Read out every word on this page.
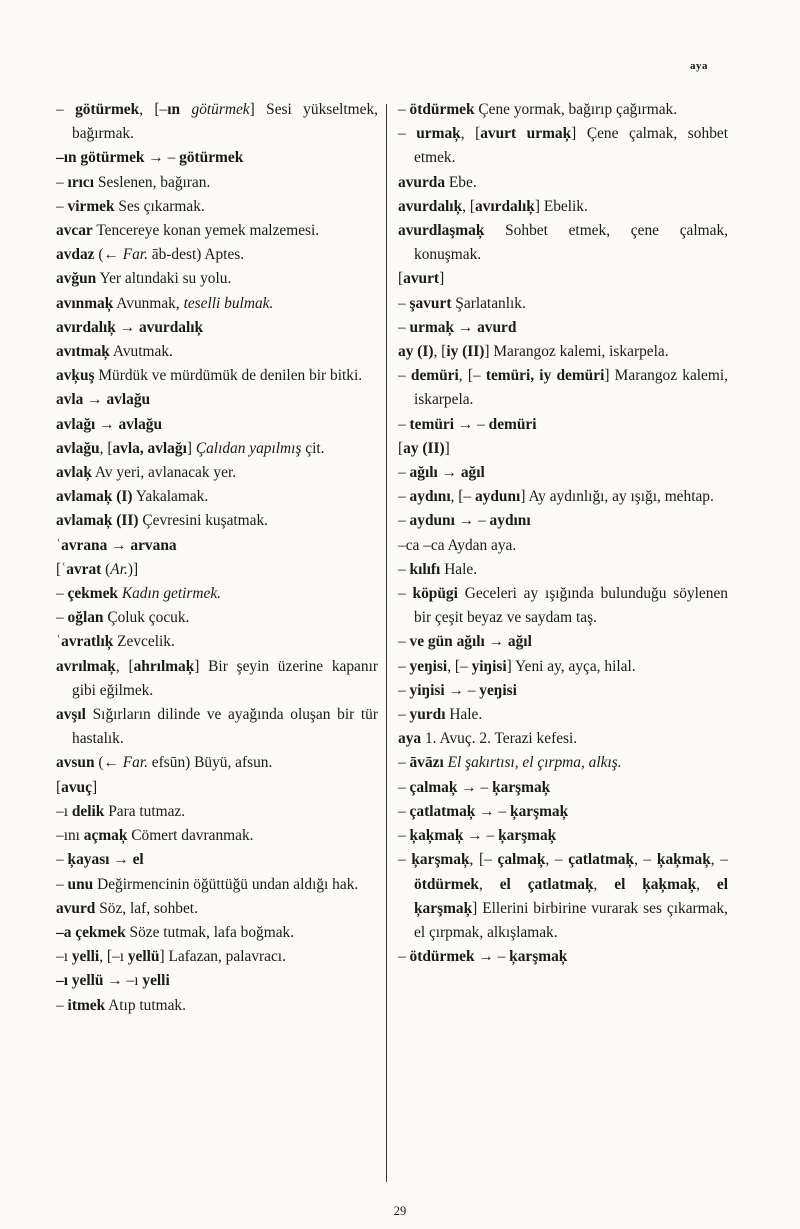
aya
– götürmek, [–ın götürmek] Sesi yükseltmek, bağırmak.
–ın götürmek → – götürmek
– ırıcı Seslenen, bağıran.
– virmek Ses çıkarmak.
avcar Tencereye konan yemek malzemesi.
avdaz (← Far. āb-dest) Aptes.
avğun Yer altındaki su yolu.
avınmaķ Avunmak, teselli bulmak.
avırdalıķ → avurdalıķ
avıtmaķ Avutmak.
avķuş Mürdük ve mürdümük de denilen bir bitki.
avla → avlağu
avlağı → avlağu
avlağu, [avla, avlağı] Çalıdan yapılmış çit.
avlaķ Av yeri, avlanacak yer.
avlamaķ (I) Yakalamak.
avlamaķ (II) Çevresini kuşatmak.
ʿavrana → arvana
[ʿavrat (Ar.)]
– çekmek Kadın getirmek.
– oğlan Çoluk çocuk.
ʿavratlıķ Zevcelik.
avrılmaķ, [ahrılmaķ] Bir şeyin üzerine kapanır gibi eğilmek.
avşıl Sığırların dilinde ve ayağında oluşan bir tür hastalık.
avsun (← Far. efsūn) Büyü, afsun.
[avuç]
–ı delik Para tutmaz.
–ını açmaķ Cömert davranmak.
– ķayası → el
– unu Değirmencinin öğüttüğü undan aldığı hak.
avurd Söz, laf, sohbet.
–a çekmek Söze tutmak, lafa boğmak.
–ı yelli, [–ı yellü] Lafazan, palavracı.
–ı yellü → –ı yelli
– itmek Atıp tutmak.
– ötdürmek Çene yormak, bağırıp çağırmak.
– urmaķ, [avurt urmaķ] Çene çalmak, sohbet etmek.
avurda Ebe.
avurdalıķ, [avırdalıķ] Ebelik.
avurdlaşmaķ Sohbet etmek, çene çalmak, konuşmak.
[avurt]
– şavurt Şarlatanlık.
– urmaķ → avurd
ay (I), [iy (II)] Marangoz kalemi, iskarpela.
– demüri, [– temüri, iy demüri] Marangoz kalemi, iskarpela.
– temüri → – demüri
[ay (II)]
– ağılı → ağıl
– aydını, [– aydunı] Ay aydınlığı, ay ışığı, mehtap.
– aydunı → – aydını
–ca –ca Aydan aya.
– kılıfı Hale.
– köpügi Geceleri ay ışığında bulunduğu söylenen bir çeşit beyaz ve saydam taş.
– ve gün ağılı → ağıl
– yeŋisi, [– yiŋisi] Yeni ay, ayça, hilal.
– yiŋisi → – yeŋisi
– yurdı Hale.
aya 1. Avuç. 2. Terazi kefesi.
– āvāzı El şakırtısı, el çırpma, alkış.
– çalmaķ → – ķarşmaķ
– çatlatmaķ → – ķarşmaķ
– ķaķmaķ → – ķarşmaķ
– ķarşmaķ, [– çalmaķ, – çatlatmaķ, – ķaķmaķ, – ötdürmek, el çatlatmaķ, el ķaķmaķ, el ķarşmaķ] Ellerini birbirine vurarak ses çıkarmak, el çırpmak, alkışlamak.
– ötdürmek → – ķarşmaķ
29
